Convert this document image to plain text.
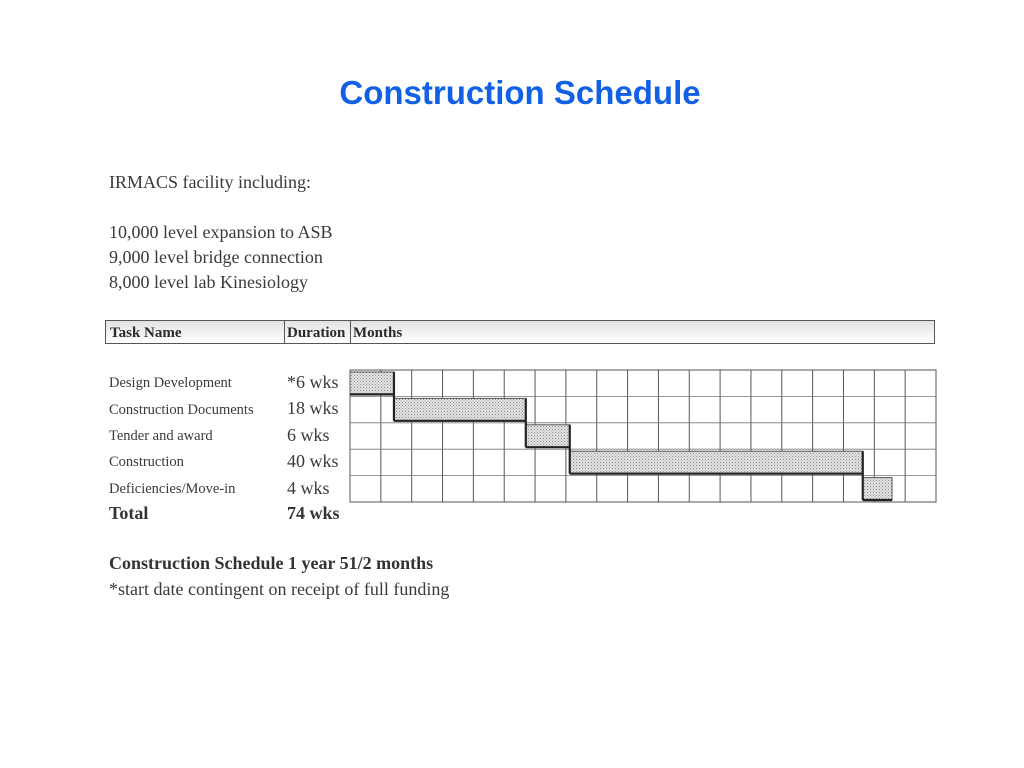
Construction Schedule
IRMACS facility including:
10,000 level expansion to ASB
9,000 level bridge connection
8,000 level lab Kinesiology
Task Name	Duration Months
Design Development	*6 wks
Construction Documents 18 wks
Tender and award	6 wks
Construction	40 wks
Deficiencies/Move-in	4 wks
Total	74 wks
Construction Schedule 1 year 51/2 months
*start date contingent on receipt of full funding
